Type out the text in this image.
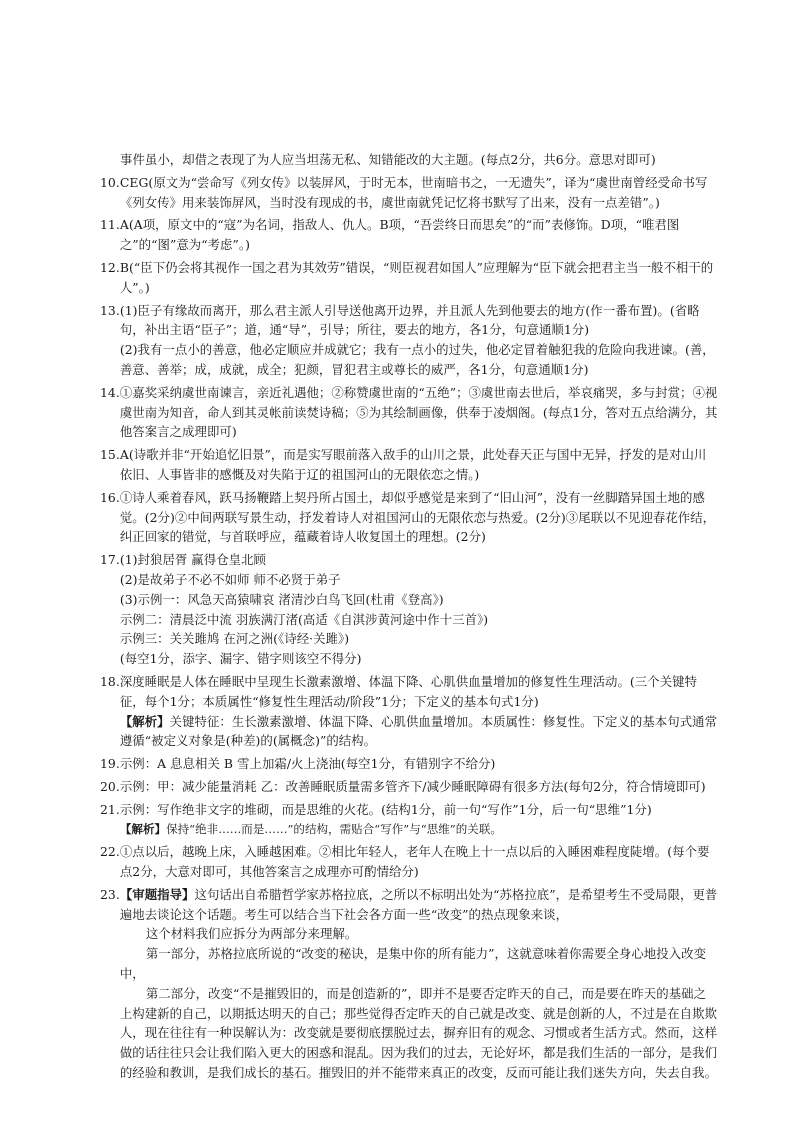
事件虽小，却借之表现了为人应当坦荡无私、知错能改的大主题。(每点2分，共6分。意思对即可)
10. CEG(原文为“尝命写《列女传》以装屏风，于时无本，世南暗书之，一无遗失”，译为“虞世南曾经受命书写《列女传》用来装饰屏风，当时没有现成的书，虞世南就凭记忆将书默写了出来，没有一点差错”。)
11. A(A项，原文中的“寇”为名词，指敌人、仇人。B项，“吾尝终日而思矣”的“而”表修饰。D项，“唯君图之”的“图”意为“考虑”。)
12. B(“臣下仍会将其视作一国之君为其效劳”错误，“则臣视君如国人”应理解为“臣下就会把君主当一般不相干的人”。)
13. (1)臣子有缘故而离开，那么君主派人引导送他离开边界，并且派人先到他要去的地方(作一番布置)。(省略句，补出主语“臣子”；道，通“导”，引导；所往，要去的地方，各1分，句意通顺1分)
(2)我有一点小的善意，他必定顺应并成就它；我有一点小的过失，他必定冒着触犯我的危险向我进谏。(善，善意、善举；成，成就，成全；犯颜，冒犯君主或尊长的威严，各1分，句意通顺1分)
14. ①嘉奖采纳虞世南谏言，亲近礼遇他；②称赞虞世南的“五绝”；③虞世南去世后，举哀痛哭，多与封赏；④视虞世南为知音，命人到其灵帐前读焚诗稿；⑤为其绘制画像，供奉于凌烟阁。(每点1分，答对五点给满分，其他答案言之成理即可)
15. A(诗歌并非“开始追忆旧景”，而是实写眼前落入敌手的山川之景，此处春天正与国中无异，抒发的是对山川依旧、人事皆非的感慨及对失陷于辽的祖国河山的无限依恋之情。)
16. ①诗人乘着春风，跃马扬鞭踏上契丹所占国土，却似乎感觉是来到了“旧山河”，没有一丝脚踏异国土地的感觉。(2分)②中间两联写景生动，抒发着诗人对祖国河山的无限依恋与热爱。(2分)③尾联以不见迎春花作结，纠正回家的错觉，与首联呼应，蕴藏着诗人收复国土的理想。(2分)
17. (1)封狼居胥 赢得仓皇北顾
(2)是故弟子不必不如师 师不必贤于弟子
(3)示例一：风急天高猿啸哀 渚清沙白鸟飞回(杜甫《登高》)
示例二：清晨泛中流 羽族满汀渚(高适《自淇涉黄河途中作十三首》)
示例三：关关雎鸠 在河之洲(《诗经·关雎》)
(每空1分，添字、漏字、错字则该空不得分)
18. 深度睡眠是人体在睡眠中呈现生长激素激增、体温下降、心肌供血量增加的修复性生理活动。(三个关键特征，每个1分；本质属性“修复性生理活动/阶段”1分；下定义的基本句式1分)
【解析】关键特征：生长激素激增、体温下降、心肌供血量增加。本质属性：修复性。下定义的基本句式通常遵循“被定义对象是(种差)的(属概念)”的结构。
19. 示例：A 息息相关 B 雪上加霜/火上浇油(每空1分，有错别字不给分)
20. 示例：甲：减少能量消耗 乙：改善睡眠质量需多管齐下/减少睡眠障碍有很多方法(每句2分，符合情境即可)
21. 示例：写作绝非文字的堆砌，而是思维的火花。(结构1分，前一句“写作”1分，后一句“思维”1分)
【解析】保持“绝非……而是……”的结构，需贴合“写作”与“思维”的关联。
22. ①点以后，越晚上床，入睡越困难。②相比年轻人，老年人在晚上十一点以后的入睡困难程度陡增。(每个要点2分，大意对即可，其他答案言之成理亦可酌情给分)
23. 【审题指导】这句话出自希腊哲学家苏格拉底，之所以不标明出处为“苏格拉底”，是希望考生不受局限，更普遍地去谈论这个话题。考生可以结合当下社会各方面一些“改变”的热点现象来谈，
这个材料我们应拆分为两部分来理解。
第一部分，苏格拉底所说的“改变的秘诀，是集中你的所有能力”，这就意味着你需要全身心地投入改变中，
第二部分，改变“不是摧毁旧的，而是创造新的”，即并不是要否定昨天的自己，而是要在昨天的基础之上构建新的自己，以期抵达明天的自己；那些觉得否定昨天的自己就是改变、就是创新的人，不过是在自欺欺人，现在往往有一种误解认为：改变就是要彻底摆脱过去，摒弃旧有的观念、习惯或者生活方式。然而，这样做的话往往只会让我们陷入更大的困惑和混乱。因为我们的过去，无论好坏，都是我们生活的一部分，是我们的经验和教训，是我们成长的基石。摧毁旧的并不能带来真正的改变，反而可能让我们迷失方向，失去自我。
